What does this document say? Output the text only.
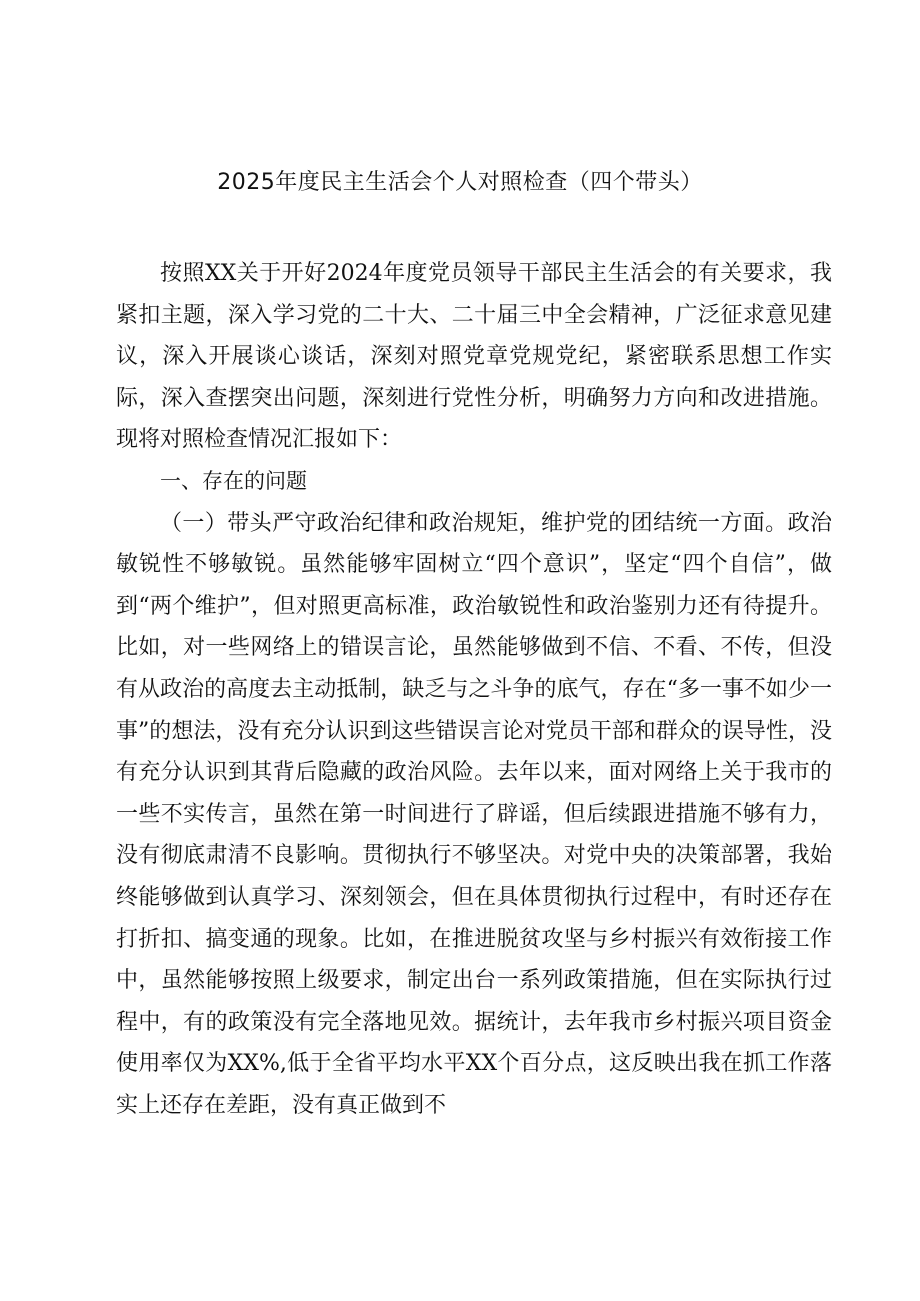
2025年度民主生活会个人对照检查（四个带头）

按照XX关于开好2024年度党员领导干部民主生活会的有关要求，我紧扣主题，深入学习党的二十大、二十届三中全会精神，广泛征求意见建议，深入开展谈心谈话，深刻对照党章党规党纪，紧密联系思想工作实际，深入查摆突出问题，深刻进行党性分析，明确努力方向和改进措施。现将对照检查情况汇报如下：

一、存在的问题

（一）带头严守政治纪律和政治规矩，维护党的团结统一方面。政治敏锐性不够敏锐。虽然能够牢固树立“四个意识”，坚定“四个自信”，做到“两个维护”，但对照更高标准，政治敏锐性和政治鉴别力还有待提升。比如，对一些网络上的错误言论，虽然能够做到不信、不看、不传，但没有从政治的高度去主动抵制，缺乏与之斗争的底气，存在“多一事不如少一事”的想法，没有充分认识到这些错误言论对党员干部和群众的误导性，没有充分认识到其背后隐藏的政治风险。去年以来，面对网络上关于我市的一些不实传言，虽然在第一时间进行了辟谣，但后续跟进措施不够有力，没有彻底肃清不良影响。贯彻执行不够坚决。对党中央的决策部署，我始终能够做到认真学习、深刻领会，但在具体贯彻执行过程中，有时还存在打折扣、搞变通的现象。比如，在推进脱贫攻坚与乡村振兴有效衔接工作中，虽然能够按照上级要求，制定出台一系列政策措施，但在实际执行过程中，有的政策没有完全落地见效。据统计，去年我市乡村振兴项目资金使用率仅为XX%,低于全省平均水平XX个百分点，这反映出我在抓工作落实上还存在差距，没有真正做到不
